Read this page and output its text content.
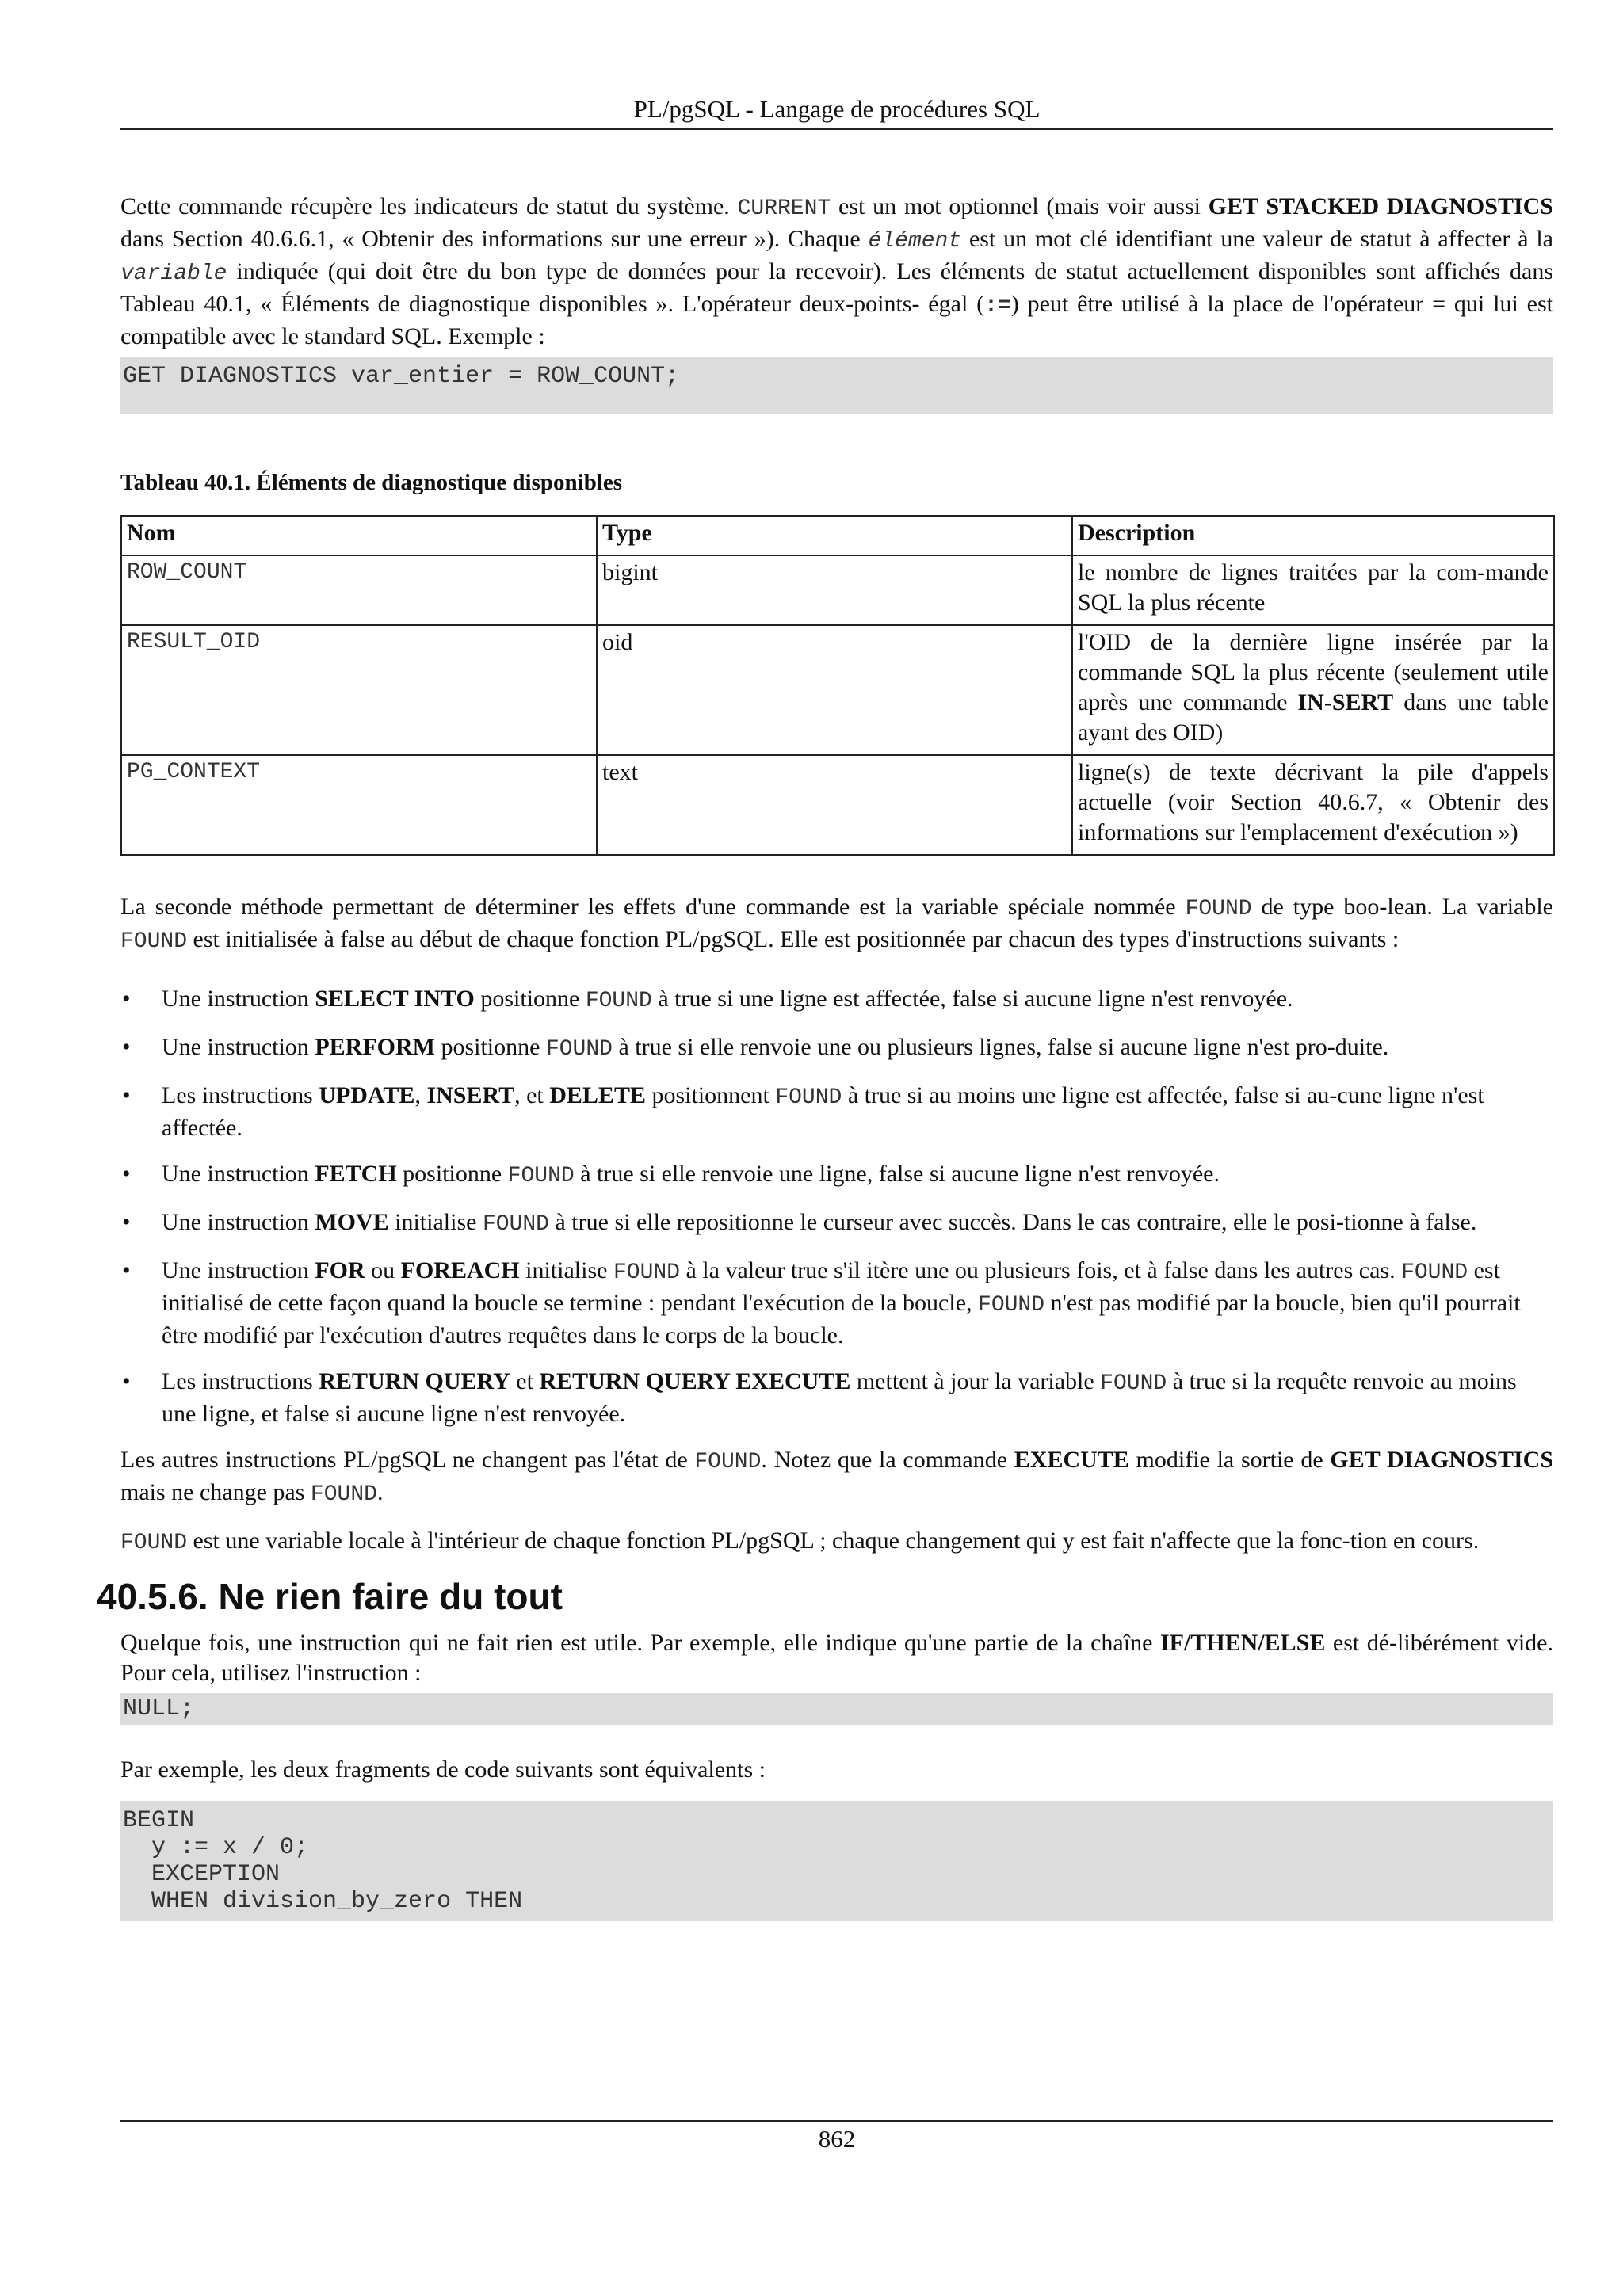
PL/pgSQL - Langage de procédures SQL

Cette commande récupère les indicateurs de statut du système. CURRENT est un mot optionnel (mais voir aussi GET STACKED DIAGNOSTICS dans Section 40.6.6.1, « Obtenir des informations sur une erreur »). Chaque élément est un mot clé identifiant une valeur de statut à affecter à la variable indiquée (qui doit être du bon type de données pour la recevoir). Les éléments de statut actuellement disponibles sont affichés dans Tableau 40.1, « Éléments de diagnostique disponibles ». L'opérateur deux-points- égal (:=) peut être utilisé à la place de l'opérateur = qui lui est compatible avec le standard SQL. Exemple :

GET DIAGNOSTICS var_entier = ROW_COUNT;
Tableau 40.1. Éléments de diagnostique disponibles
Nom	Type	Description
ROW_COUNT	bigint	le nombre de lignes traitées par la com-mande SQL la plus récente
RESULT_OID	oid	l'OID de la dernière ligne insérée par la commande SQL la plus récente (seulement utile après une commande IN-SERT dans une table ayant des OID)
PG_CONTEXT	text	ligne(s) de texte décrivant la pile d'appels actuelle (voir Section 40.6.7, « Obtenir des informations sur l'emplacement d'exécution »)

La seconde méthode permettant de déterminer les effets d'une commande est la variable spéciale nommée FOUND de type boo-lean. La variable FOUND est initialisée à false au début de chaque fonction PL/pgSQL. Elle est positionnée par chacun des types d'instructions suivants :

• Une instruction SELECT INTO positionne FOUND à true si une ligne est affectée, false si aucune ligne n'est renvoyée.
• Une instruction PERFORM positionne FOUND à true si elle renvoie une ou plusieurs lignes, false si aucune ligne n'est pro-duite.
• Les instructions UPDATE, INSERT, et DELETE positionnent FOUND à true si au moins une ligne est affectée, false si au-cune ligne n'est affectée.
• Une instruction FETCH positionne FOUND à true si elle renvoie une ligne, false si aucune ligne n'est renvoyée.
• Une instruction MOVE initialise FOUND à true si elle repositionne le curseur avec succès. Dans le cas contraire, elle le posi-tionne à false.
• Une instruction FOR ou FOREACH initialise FOUND à la valeur true s'il itère une ou plusieurs fois, et à false dans les autres cas. FOUND est initialisé de cette façon quand la boucle se termine : pendant l'exécution de la boucle, FOUND n'est pas modifié par la boucle, bien qu'il pourrait être modifié par l'exécution d'autres requêtes dans le corps de la boucle.
• Les instructions RETURN QUERY et RETURN QUERY EXECUTE mettent à jour la variable FOUND à true si la requête renvoie au moins une ligne, et false si aucune ligne n'est renvoyée.

Les autres instructions PL/pgSQL ne changent pas l'état de FOUND. Notez que la commande EXECUTE modifie la sortie de GET DIAGNOSTICS mais ne change pas FOUND.

FOUND est une variable locale à l'intérieur de chaque fonction PL/pgSQL ; chaque changement qui y est fait n'affecte que la fonc-tion en cours.

40.5.6. Ne rien faire du tout

Quelque fois, une instruction qui ne fait rien est utile. Par exemple, elle indique qu'une partie de la chaîne IF/THEN/ELSE est dé-libérément vide. Pour cela, utilisez l'instruction :

NULL;

Par exemple, les deux fragments de code suivants sont équivalents :

BEGIN
y := x / 0;
EXCEPTION
WHEN division_by_zero THEN
862
